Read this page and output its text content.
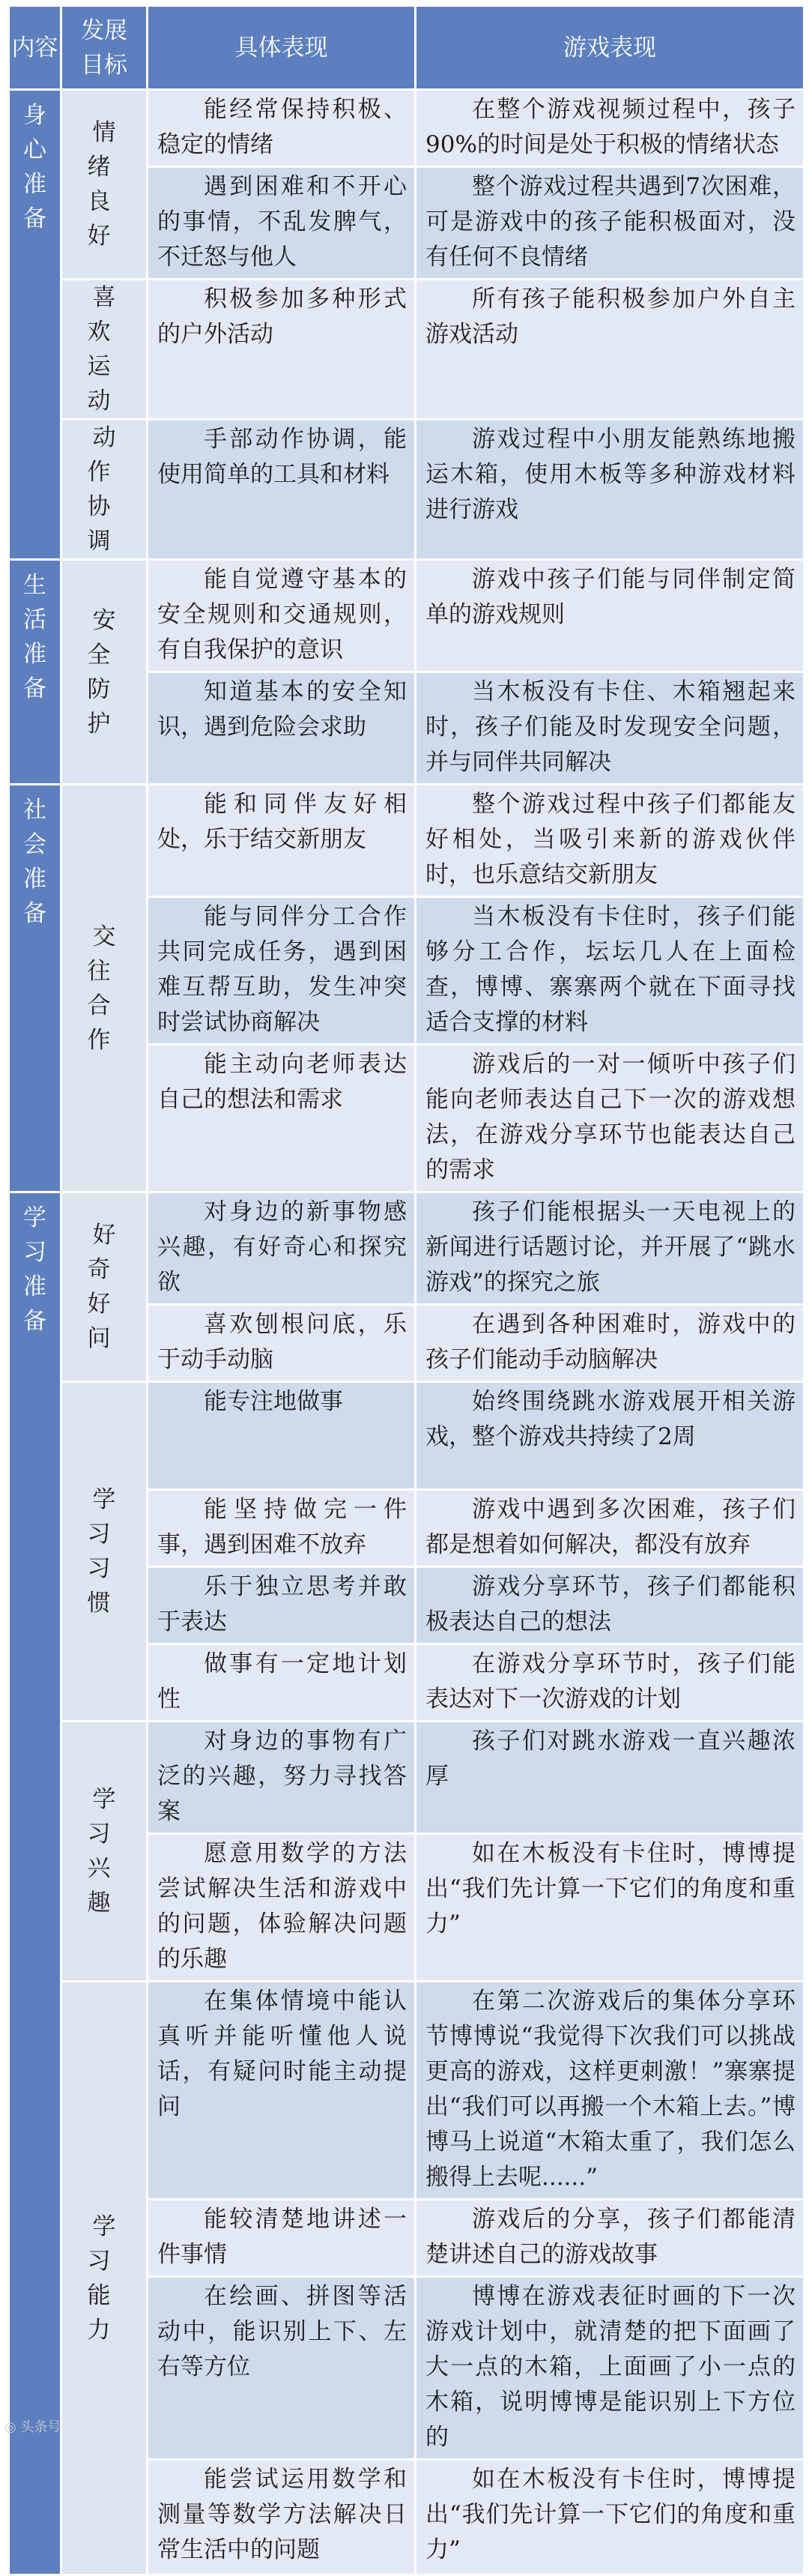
内容	发展目标	具体表现	游戏表现
身心准备	情绪良好	能经常保持积极、稳定的情绪	在整个游戏视频过程中，孩子90%的时间是处于积极的情绪状态
		遇到困难和不开心的事情，不乱发脾气，不迁怒与他人	整个游戏过程共遇到7次困难，可是游戏中的孩子能积极面对，没有任何不良情绪
	喜欢运动	积极参加多种形式的户外活动	所有孩子能积极参加户外自主游戏活动
	动作协调	手部动作协调，能使用简单的工具和材料	游戏过程中小朋友能熟练地搬运木箱，使用木板等多种游戏材料进行游戏
生活准备	安全防护	能自觉遵守基本的安全规则和交通规则，有自我保护的意识	游戏中孩子们能与同伴制定简单的游戏规则
		知道基本的安全知识，遇到危险会求助	当木板没有卡住、木箱翘起来时，孩子们能及时发现安全问题，并与同伴共同解决
社会准备	交往合作	能和同伴友好相处，乐于结交新朋友	整个游戏过程中孩子们都能友好相处，当吸引来新的游戏伙伴时，也乐意结交新朋友
		能与同伴分工合作共同完成任务，遇到困难互帮互助，发生冲突时尝试协商解决	当木板没有卡住时，孩子们能够分工合作，坛坛几人在上面检查，博博、寨寨两个就在下面寻找适合支撑的材料
		能主动向老师表达自己的想法和需求	游戏后的一对一倾听中孩子们能向老师表达自己下一次的游戏想法，在游戏分享环节也能表达自己的需求
学习准备	好奇好问	对身边的新事物感兴趣，有好奇心和探究欲	孩子们能根据头一天电视上的新闻进行话题讨论，并开展了“跳水游戏”的探究之旅
		喜欢刨根问底，乐于动手动脑	在遇到各种困难时，游戏中的孩子们能动手动脑解决
	学习习惯	能专注地做事	始终围绕跳水游戏展开相关游戏，整个游戏共持续了2周
		能坚持做完一件事，遇到困难不放弃	游戏中遇到多次困难，孩子们都是想着如何解决，都没有放弃
		乐于独立思考并敢于表达	游戏分享环节，孩子们都能积极表达自己的想法
		做事有一定地计划性	在游戏分享环节时，孩子们能表达对下一次游戏的计划
	学习兴趣	对身边的事物有广泛的兴趣，努力寻找答案	孩子们对跳水游戏一直兴趣浓厚
		愿意用数学的方法尝试解决生活和游戏中的问题，体验解决问题的乐趣	如在木板没有卡住时，博博提出“我们先计算一下它们的角度和重力”
	学习能力	在集体情境中能认真听并能听懂他人说话，有疑问时能主动提问	在第二次游戏后的集体分享环节博博说“我觉得下次我们可以挑战更高的游戏，这样更刺激！”寨寨提出“我们可以再搬一个木箱上去。”博博马上说道“木箱太重了，我们怎么搬得上去呢......”
		能较清楚地讲述一件事情	游戏后的分享，孩子们都能清楚讲述自己的游戏故事
		在绘画、拼图等活动中，能识别上下、左右等方位	博博在游戏表征时画的下一次游戏计划中，就清楚的把下面画了大一点的木箱，上面画了小一点的木箱，说明博博是能识别上下方位的
		能尝试运用数学和测量等数学方法解决日常生活中的问题	如在木板没有卡住时，博博提出“我们先计算一下它们的角度和重力”
◎ 头条号
